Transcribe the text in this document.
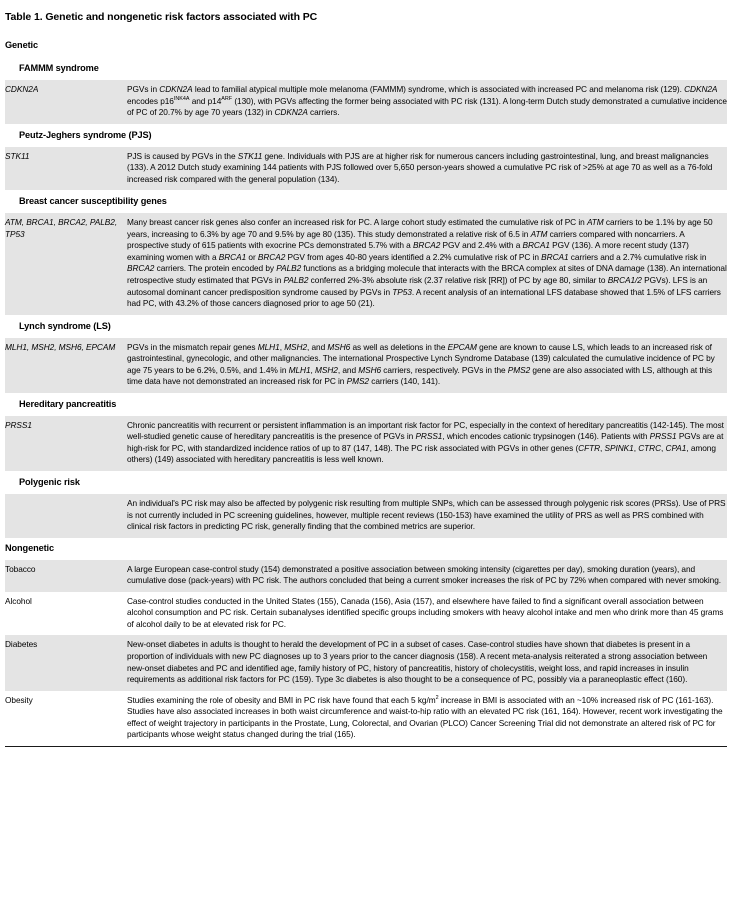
Table 1. Genetic and nongenetic risk factors associated with PC
Genetic	
FAMMM syndrome	
CDKN2A	PGVs in CDKN2A lead to familial atypical multiple mole melanoma (FAMMM) syndrome, which is associated with increased PC and melanoma risk (129). CDKN2A encodes $p16^{INK4A}$ and $p14^{ARF}$ (130), with PGVs affecting the former being associated with PC risk (131). A long-term Dutch study demonstrated a cumulative incidence of PC of 20.7% by age 70 years (132) in CDKN2A carriers.
Peutz-Jeghers syndrome (PJS)	
STK11	PJS is caused by PGVs in the STK11 gene. Individuals with PJS are at higher risk for numerous cancers including gastrointestinal, lung, and breast malignancies (133). A 2012 Dutch study examining 144 patients with PJS followed over 5,650 person-years showed a cumulative PC risk of >25% at age 70 as well as a 76-fold increased risk compared with the general population (134).
Breast cancer susceptibility genes	
ATM, BRCA1, BRCA2, PALB2, TP53	Many breast cancer risk genes also confer an increased risk for PC. A large cohort study estimated the cumulative risk of PC in ATM carriers to be 1.1% by age 50 years, increasing to 6.3% by age 70 and 9.5% by age 80 (135). This study demonstrated a relative risk of 6.5 in ATM carriers compared with noncarriers. A prospective study of 615 patients with exocrine PCs demonstrated 5.7% with a BRCA2 PGV and 2.4% with a BRCA1 PGV (136). A more recent study (137) examining women with a BRCA1 or BRCA2 PGV from ages 40-80 years identified a 2.2% cumulative risk of PC in BRCA1 carriers and a 2.7% cumulative risk in BRCA2 carriers. The protein encoded by PALB2 functions as a bridging molecule that interacts with the BRCA complex at sites of DNA damage (138). An international retrospective study estimated that PGVs in PALB2 conferred 2%-3% absolute risk (2.37 relative risk [RR]) of PC by age 80, similar to BRCA1/2 PGVs). LFS is an autosomal dominant cancer predisposition syndrome caused by PGVs in TP53. A recent analysis of an international LFS database showed that 1.5% of LFS carriers had PC, with 43.2% of those cancers diagnosed prior to age 50 (21).
Lynch syndrome (LS)	
MLH1, MSH2, MSH6, EPCAM	PGVs in the mismatch repair genes MLH1, MSH2, and MSH6 as well as deletions in the EPCAM gene are known to cause LS, which leads to an increased risk of gastrointestinal, gynecologic, and other malignancies. The international Prospective Lynch Syndrome Database (139) calculated the cumulative incidence of PC by age 75 years to be 6.2%, 0.5%, and 1.4% in MLH1, MSH2, and MSH6 carriers, respectively. PGVs in the PMS2 gene are also associated with LS, although at this time data have not demonstrated an increased risk for PC in PMS2 carriers (140, 141).
Hereditary pancreatitis	
PRSS1	Chronic pancreatitis with recurrent or persistent inflammation is an important risk factor for PC, especially in the context of hereditary pancreatitis (142-145). The most well-studied genetic cause of hereditary pancreatitis is the presence of PGVs in PRSS1, which encodes cationic trypsinogen (146). Patients with PRSS1 PGVs are at high-risk for PC, with standardized incidence ratios of up to 87 (147, 148). The PC risk associated with PGVs in other genes (CFTR, SPINK1, CTRC, CPA1, among others) (149) associated with hereditary pancreatitis is less well known.
Polygenic risk	
	An individual's PC risk may also be affected by polygenic risk resulting from multiple SNPs, which can be assessed through polygenic risk scores (PRSs). Use of PRS is not currently included in PC screening guidelines, however, multiple recent reviews (150-153) have examined the utility of PRS as well as PRS combined with clinical risk factors in predicting PC risk, generally finding that the combined metrics are superior.
Nongenetic	
Tobacco	A large European case-control study (154) demonstrated a positive association between smoking intensity (cigarettes per day), smoking duration (years), and cumulative dose (pack-years) with PC risk. The authors concluded that being a current smoker increases the risk of PC by 72% when compared with never smoking.
Alcohol	Case-control studies conducted in the United States (155), Canada (156), Asia (157), and elsewhere have failed to find a significant overall association between alcohol consumption and PC risk. Certain subanalyses identified specific groups including smokers with heavy alcohol intake and men who drink more than 45 grams of alcohol daily to be at elevated risk for PC.
Diabetes	New-onset diabetes in adults is thought to herald the development of PC in a subset of cases. Case-control studies have shown that diabetes is present in a proportion of individuals with new PC diagnoses up to 3 years prior to the cancer diagnosis (158). A recent meta-analysis reiterated a strong association between new-onset diabetes and PC and identified age, family history of PC, history of pancreatitis, history of cholecystitis, weight loss, and rapid increases in insulin requirements as additional risk factors for PC (159). Type 3c diabetes is also thought to be a consequence of PC, possibly via a paraneoplastic effect (160).
Obesity	Studies examining the role of obesity and BMI in PC risk have found that each 5 $kg/m^2$ increase in BMI is associated with an ~10% increased risk of PC (161-163). Studies have also associated increases in both waist circumference and waist-to-hip ratio with an elevated PC risk (161, 164). However, recent work investigating the effect of weight trajectory in participants in the Prostate, Lung, Colorectal, and Ovarian (PLCO) Cancer Screening Trial did not demonstrate an altered risk of PC for participants whose weight status changed during the trial (165).
